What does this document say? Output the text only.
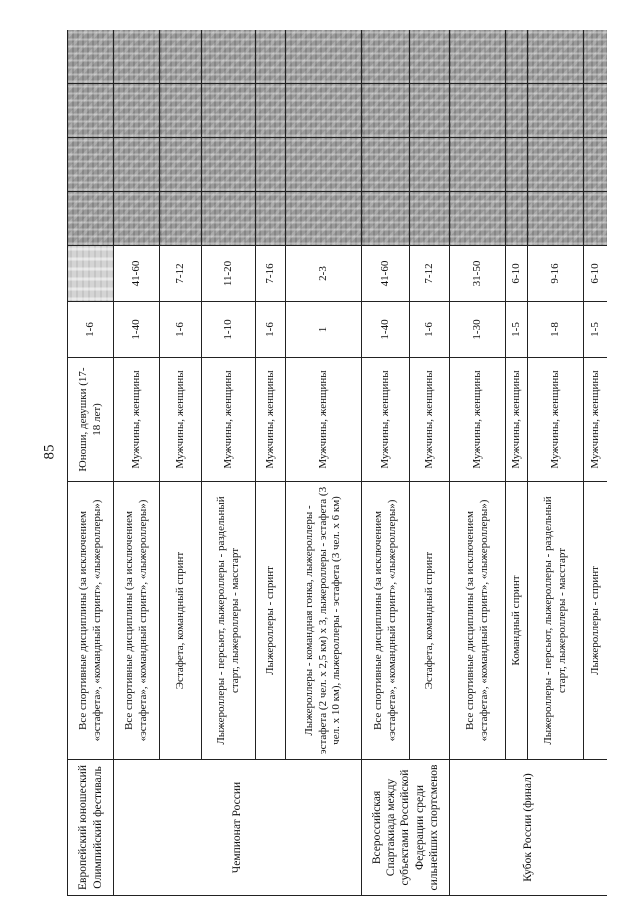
85
Европейский юношеский Олимпийский фестиваль	Все спортивные дисциплины (за исключением «эстафета», «командный спринт», «лыжероллеры»)	Юноши, девушки (17-18 лет)	1-6					
Чемпионат России	Все спортивные дисциплины (за исключением «эстафета», «командный спринт», «лыжероллеры»)	Мужчины, женщины	1-40	41-60				
	Эстафета, командный спринт	Мужчины, женщины	1-6	7-12				
	Лыжероллеры - персьют, лыжероллеры - раздельный старт, лыжероллеры - масстарт	Мужчины, женщины	1-10	11-20				
	Лыжероллеры - спринт	Мужчины, женщины	1-6	7-16				
	Лыжероллеры - командная гонка, лыжероллеры - эстафета (2 чел. х 2,5 км) х 3, лыжероллеры - эстафета (3 чел. х 10 км), лыжероллеры - эстафета (3 чел. х 6 км)	Мужчины, женщины	1	2-3				
Всероссийская Спартакиада между субъектами Российской Федерации среди сильнейших спортсменов	Все спортивные дисциплины (за исключением «эстафета», «командный спринт», «лыжероллеры»)	Мужчины, женщины	1-40	41-60				
	Эстафета, командный спринт	Мужчины, женщины	1-6	7-12				
Кубок России (финал)	Все спортивные дисциплины (за исключением «эстафета», «командный спринт», «лыжероллеры»)	Мужчины, женщины	1-30	31-50				
	Командный спринт	Мужчины, женщины	1-5	6-10				
	Лыжероллеры - персьют, лыжероллеры - раздельный старт, лыжероллеры - масстарт	Мужчины, женщины	1-8	9-16				
	Лыжероллеры - спринт	Мужчины, женщины	1-5	6-10				
